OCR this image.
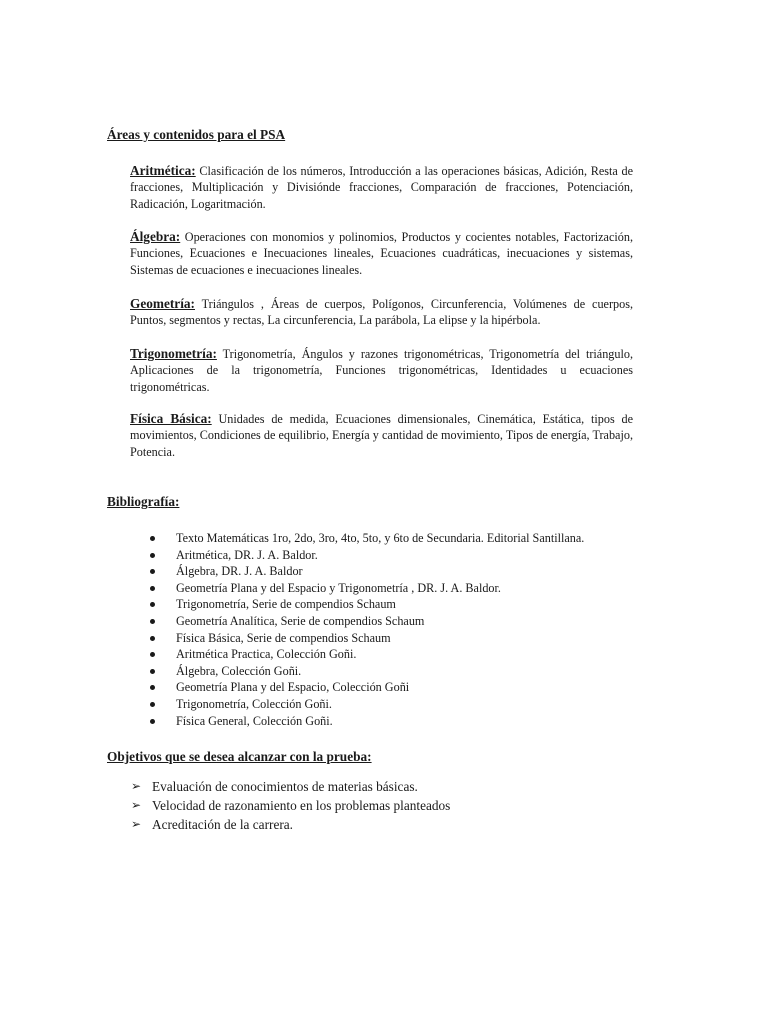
Áreas y contenidos para el PSA
Aritmética: Clasificación de los números, Introducción a las operaciones básicas, Adición, Resta de fracciones, Multiplicación y Divisiónde fracciones, Comparación de fracciones, Potenciación, Radicación, Logaritmación.
Álgebra: Operaciones con monomios y polinomios, Productos y cocientes notables, Factorización, Funciones, Ecuaciones e Inecuaciones lineales, Ecuaciones cuadráticas, inecuaciones y sistemas, Sistemas de ecuaciones e inecuaciones lineales.
Geometría: Triángulos , Áreas de cuerpos, Polígonos, Circunferencia, Volúmenes de cuerpos, Puntos, segmentos y rectas, La circunferencia, La parábola, La elipse y la hipérbola.
Trigonometría: Trigonometría, Ángulos y razones trigonométricas, Trigonometría del triángulo, Aplicaciones de la trigonometría, Funciones trigonométricas, Identidades u ecuaciones trigonométricas.
Física Básica: Unidades de medida, Ecuaciones dimensionales, Cinemática, Estática, tipos de movimientos, Condiciones de equilibrio, Energía y cantidad de movimiento, Tipos de energía, Trabajo, Potencia.
Bibliografía:
Texto Matemáticas 1ro, 2do, 3ro, 4to, 5to, y 6to de Secundaria. Editorial Santillana.
Aritmética, DR. J. A. Baldor.
Álgebra, DR. J. A. Baldor
Geometría Plana y del Espacio y Trigonometría , DR. J. A. Baldor.
Trigonometría, Serie de compendios Schaum
Geometría Analítica, Serie de compendios Schaum
Física Básica, Serie de compendios Schaum
Aritmética Practica, Colección Goñi.
Álgebra, Colección Goñi.
Geometría Plana y del Espacio, Colección Goñi
Trigonometría, Colección Goñi.
Física General, Colección Goñi.
Objetivos que se desea alcanzar con la prueba:
➢ Evaluación de conocimientos de materias básicas.
➢ Velocidad de razonamiento en los problemas planteados
➢ Acreditación de la carrera.
